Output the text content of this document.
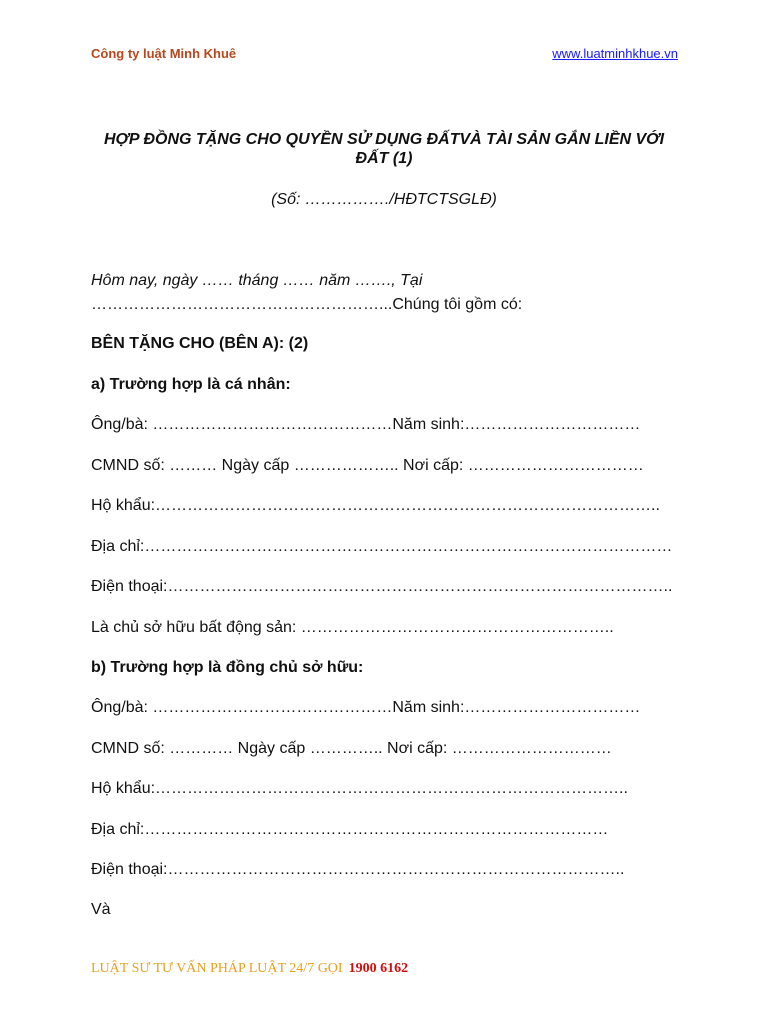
Công ty luật Minh Khuê	www.luatminhkhue.vn
HỢP ĐỒNG TẶNG CHO QUYỀN SỬ DỤNG ĐẤTVÀ TÀI SẢN GẮN LIỀN VỚI
ĐẤT (1)
(Số: ……………./HĐTCTSGLĐ)
Hôm nay, ngày …… tháng …… năm ……., Tại
………………………………………………...Chúng tôi gồm có:
BÊN TẶNG CHO (BÊN A): (2)
a) Trường hợp là cá nhân:
Ông/bà: ………………………………………Năm sinh:……………………………
CMND số: ……… Ngày cấp ……………….. Nơi cấp: ……………………………
Hộ khẩu:…………………………………………………………………………………..
Địa chỉ:………………………………………………………………………………………
Điện thoại:…………………………………………………………………………………..
Là chủ sở hữu bất động sản: …………………………………………………..
b) Trường hợp là đồng chủ sở hữu:
Ông/bà: ………………………………………Năm sinh:……………………………
CMND số: ………… Ngày cấp ………….. Nơi cấp: …………………………
Hộ khẩu:……………………………………………………………………………..
Địa chỉ:……………………………………………………………………………
Điện thoại:…………………………………………………………………………..
Và
LUẬT SƯ TƯ VẤN PHÁP LUẬT 24/7 GỌI 1900 6162
